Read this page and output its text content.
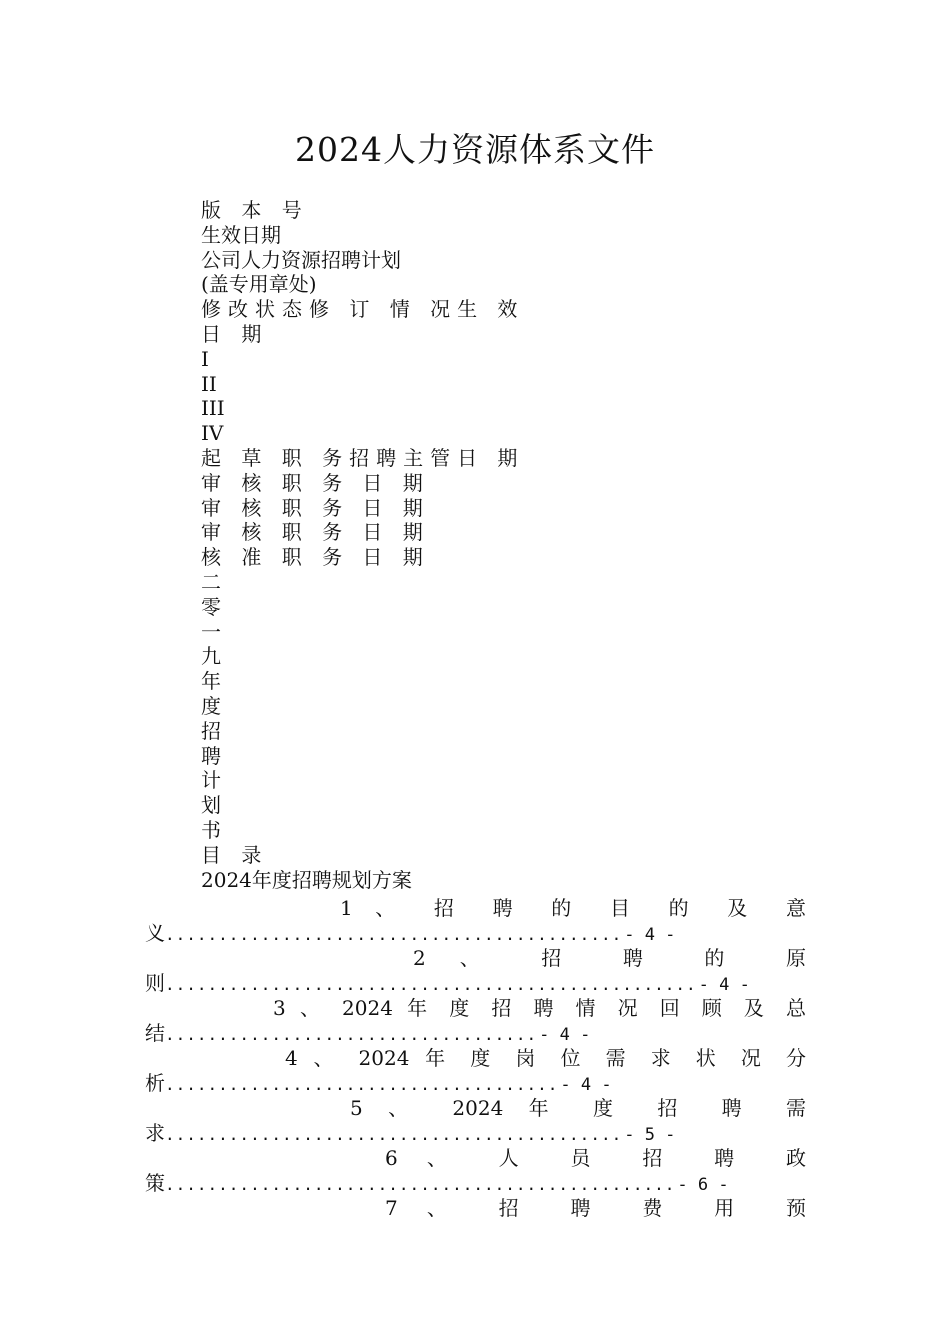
2024人力资源体系文件
版 本 号
生效日期
公司人力资源招聘计划
(盖专用章处)
修改状态修 订 情 况生 效
日 期
I
II
III
IV
起 草 职 务招聘主管日 期
审 核 职 务 日 期
审 核 职 务 日 期
审 核 职 务 日 期
核 准 职 务 日 期
二
零
一
九
年
度
招
聘
计
划
书
目 录
2024年度招聘规划方案
1 、 招 聘 的 目 的 及 意
义 ........................................... - 4 -
2 、 招 聘 的 原
则 .................................................. - 4 -
3 、 2024 年 度 招 聘 情 况 回 顾 及 总
结 ................................... - 4 -
4 、 2024 年 度 岗 位 需 求 状 况 分
析 ..................................... - 4 -
5 、 2024 年 度 招 聘 需
求 ........................................... - 5 -
6 、 人 员 招 聘 政
策 ................................................ - 6 -
7 、 招 聘 费 用 预
